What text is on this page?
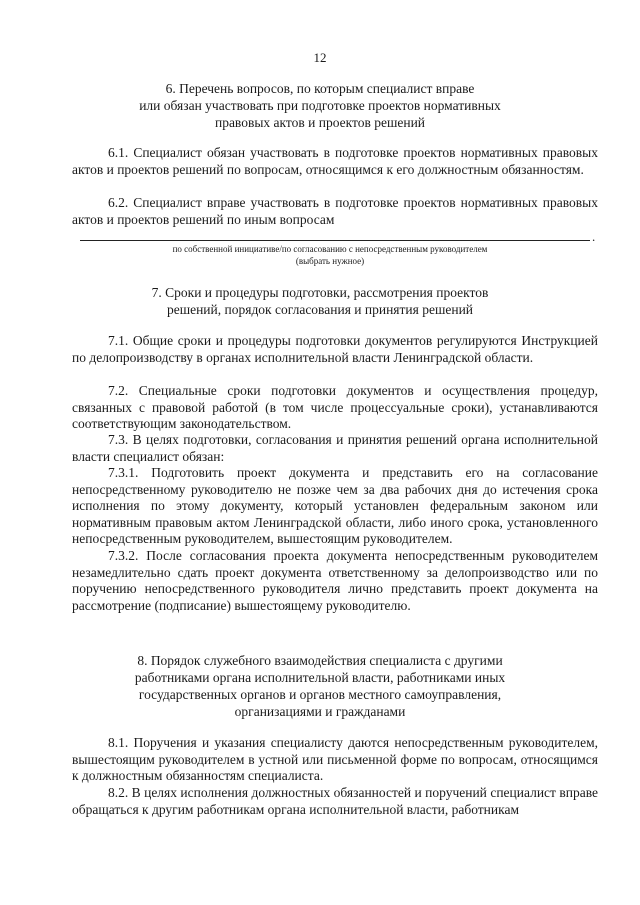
12
6. Перечень вопросов, по которым специалист вправе
или обязан участвовать при подготовке проектов нормативных
правовых актов и проектов решений
6.1. Специалист обязан участвовать в подготовке проектов нормативных правовых актов и проектов решений по вопросам, относящимся к его должностным обязанностям.
6.2. Специалист вправе участвовать в подготовке проектов нормативных правовых актов и проектов решений по иным вопросам
.
по собственной инициативе/по согласованию с непосредственным руководителем
(выбрать нужное)
7. Сроки и процедуры подготовки, рассмотрения проектов
решений, порядок согласования и принятия решений
7.1. Общие сроки и процедуры подготовки документов регулируются Инструкцией по делопроизводству в органах исполнительной власти Ленинградской области.
7.2. Специальные сроки подготовки документов и осуществления процедур, связанных с правовой работой (в том числе процессуальные сроки), устанавливаются соответствующим законодательством.
7.3. В целях подготовки, согласования и принятия решений органа исполнительной власти специалист обязан:
7.3.1. Подготовить проект документа и представить его на согласование непосредственному руководителю не позже чем за два рабочих дня до истечения срока исполнения по этому документу, который установлен федеральным законом или нормативным правовым актом Ленинградской области, либо иного срока, установленного непосредственным руководителем, вышестоящим руководителем.
7.3.2. После согласования проекта документа непосредственным руководителем незамедлительно сдать проект документа ответственному за делопроизводство или по поручению непосредственного руководителя лично представить проект документа на рассмотрение (подписание) вышестоящему руководителю.
8. Порядок служебного взаимодействия специалиста с другими
работниками органа исполнительной власти, работниками иных
государственных органов и органов местного самоуправления,
организациями и гражданами
8.1. Поручения и указания специалисту даются непосредственным руководителем, вышестоящим руководителем в устной или письменной форме по вопросам, относящимся к должностным обязанностям специалиста.
8.2. В целях исполнения должностных обязанностей и поручений специалист вправе обращаться к другим работникам органа исполнительной власти, работникам
